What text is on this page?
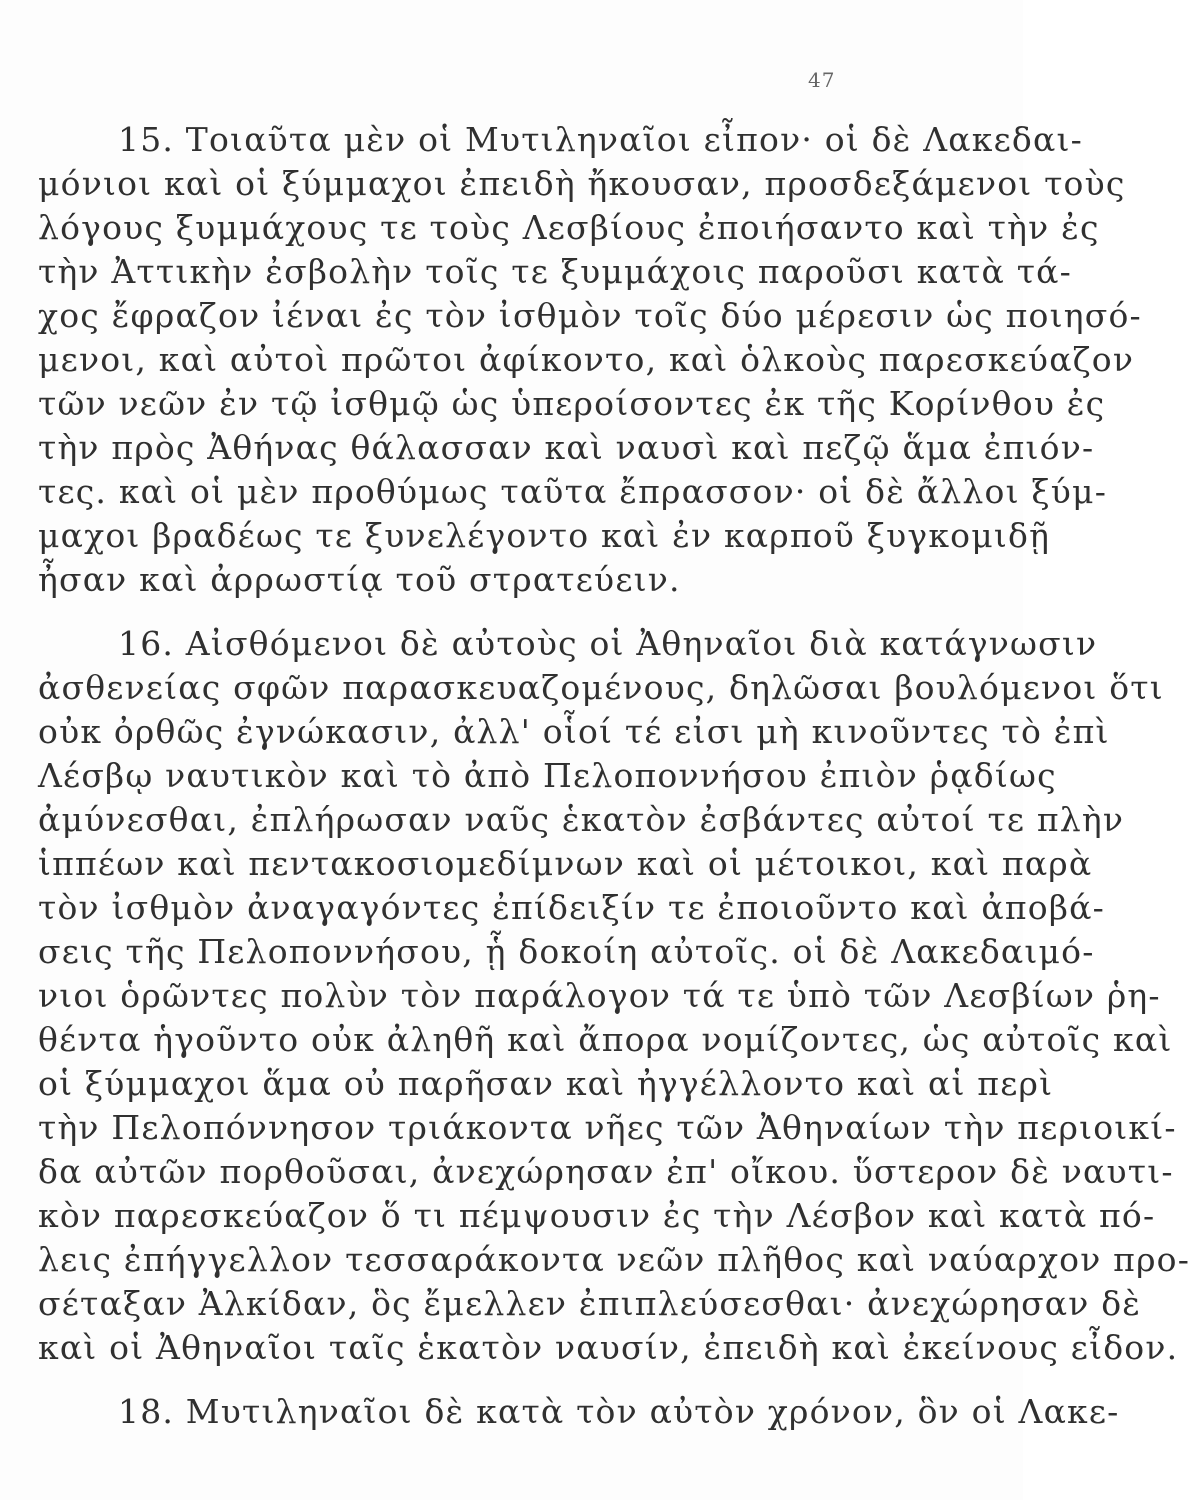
47
15. Τοιαῦτα μὲν οἱ Μυτιληναῖοι εἶπον· οἱ δὲ Λακεδαι-
μόνιοι καὶ οἱ ξύμμαχοι ἐπειδὴ ἤκουσαν, προσδεξάμενοι τοὺς
λόγους ξυμμάχους τε τοὺς Λεσβίους ἐποιήσαντο καὶ τὴν ἐς
τὴν Ἀττικὴν ἐσβολὴν τοῖς τε ξυμμάχοις παροῦσι κατὰ τά-
χος ἔφραζον ἰέναι ἐς τὸν ἰσθμὸν τοῖς δύο μέρεσιν ὡς ποιησό-
μενοι, καὶ αὐτοὶ πρῶτοι ἀφίκοντο, καὶ ὁλκοὺς παρεσκεύαζον
τῶν νεῶν ἐν τῷ ἰσθμῷ ὡς ὑπεροίσοντες ἐκ τῆς Κορίνθου ἐς
τὴν πρὸς Ἀθήνας θάλασσαν καὶ ναυσὶ καὶ πεζῷ ἅμα ἐπιόν-
τες. καὶ οἱ μὲν προθύμως ταῦτα ἔπρασσον· οἱ δὲ ἄλλοι ξύμ-
μαχοι βραδέως τε ξυνελέγοντο καὶ ἐν καρποῦ ξυγκομιδῇ
ἦσαν καὶ ἀρρωστίᾳ τοῦ στρατεύειν.
16. Αἰσθόμενοι δὲ αὐτοὺς οἱ Ἀθηναῖοι διὰ κατάγνωσιν
ἀσθενείας σφῶν παρασκευαζομένους, δηλῶσαι βουλόμενοι ὅτι
οὐκ ὀρθῶς ἐγνώκασιν, ἀλλ' οἷοί τέ εἰσι μὴ κινοῦντες τὸ ἐπὶ
Λέσβῳ ναυτικὸν καὶ τὸ ἀπὸ Πελοποννήσου ἐπιὸν ῥᾳδίως
ἀμύνεσθαι, ἐπλήρωσαν ναῦς ἑκατὸν ἐσβάντες αὐτοί τε πλὴν
ἱππέων καὶ πεντακοσιομεδίμνων καὶ οἱ μέτοικοι, καὶ παρὰ
τὸν ἰσθμὸν ἀναγαγόντες ἐπίδειξίν τε ἐποιοῦντο καὶ ἀποβά-
σεις τῆς Πελοποννήσου, ᾗ δοκοίη αὐτοῖς. οἱ δὲ Λακεδαιμό-
νιοι ὁρῶντες πολὺν τὸν παράλογον τά τε ὑπὸ τῶν Λεσβίων ῥη-
θέντα ἡγοῦντο οὐκ ἀληθῆ καὶ ἄπορα νομίζοντες, ὡς αὐτοῖς καὶ
οἱ ξύμμαχοι ἅμα οὐ παρῆσαν καὶ ἠγγέλλοντο καὶ αἱ περὶ
τὴν Πελοπόννησον τριάκοντα νῆες τῶν Ἀθηναίων τὴν περιοικί-
δα αὐτῶν πορθοῦσαι, ἀνεχώρησαν ἐπ' οἴκου. ὕστερον δὲ ναυτι-
κὸν παρεσκεύαζον ὅ τι πέμψουσιν ἐς τὴν Λέσβον καὶ κατὰ πό-
λεις ἐπήγγελλον τεσσαράκοντα νεῶν πλῆθος καὶ ναύαρχον προ-
σέταξαν Ἀλκίδαν, ὃς ἔμελλεν ἐπιπλεύσεσθαι· ἀνεχώρησαν δὲ
καὶ οἱ Ἀθηναῖοι ταῖς ἑκατὸν ναυσίν, ἐπειδὴ καὶ ἐκείνους εἶδον.
18. Μυτιληναῖοι δὲ κατὰ τὸν αὐτὸν χρόνον, ὃν οἱ Λακε-
